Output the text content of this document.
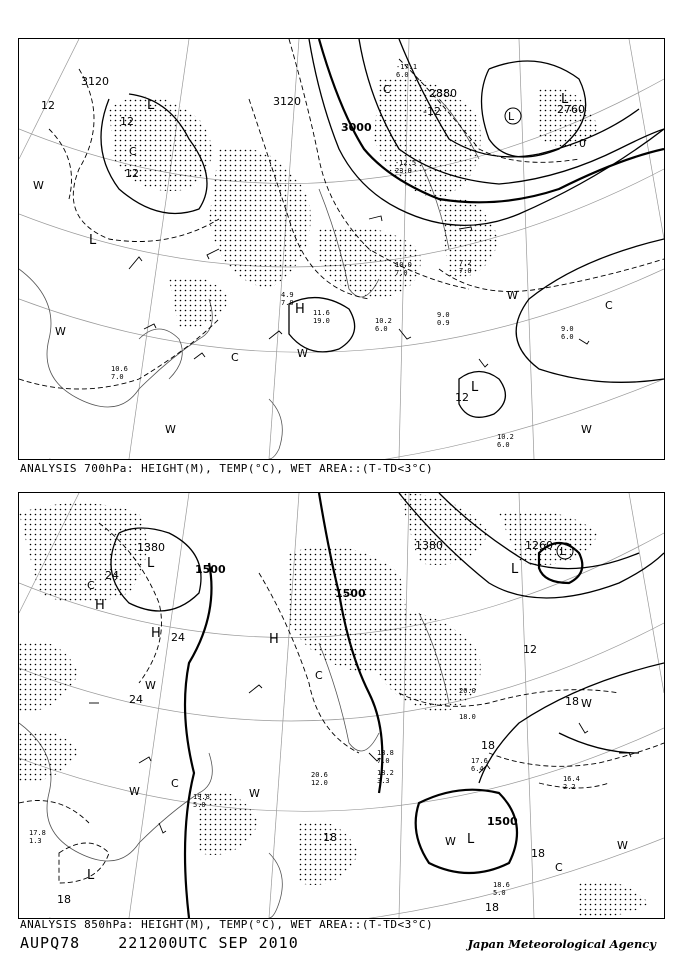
3120
3000
2880
2760
3120
12
12
12
-12
0
12
L
L
L
H
L
L
C
C
C
C
W
W
W
W
W
W
-17.1
6.0
-12.5
23.0
10.0
7.0
11.6
19.0	10.2
6.0
9.0
0.9
9.0
6.0
10.2
6.0
7.2
7.0
10.6
7.0
4.9
7.0
ANALYSIS 700hPa: HEIGHT(M), TEMP(°C), WET AREA::(T-TD<3°C)
1380
1500
1500
1380	1260
1500
24
24
24
12
18
18
18
18
18
18
L
H
H	H
L
L
L
L
C
C
C
W
W	W
W
W
W
C
18.8
7.0
18.2
3.3
20.0
18.0
18.6
5.0
17.8
1.3
16.4
2.2
17.6
6.4
19.8
5.0
20.6
12.0
ANALYSIS 850hPa: HEIGHT(M), TEMP(°C), WET AREA::(T-TD<3°C)
AUPQ78	221200UTC SEP 2010	Japan Meteorological Agency
